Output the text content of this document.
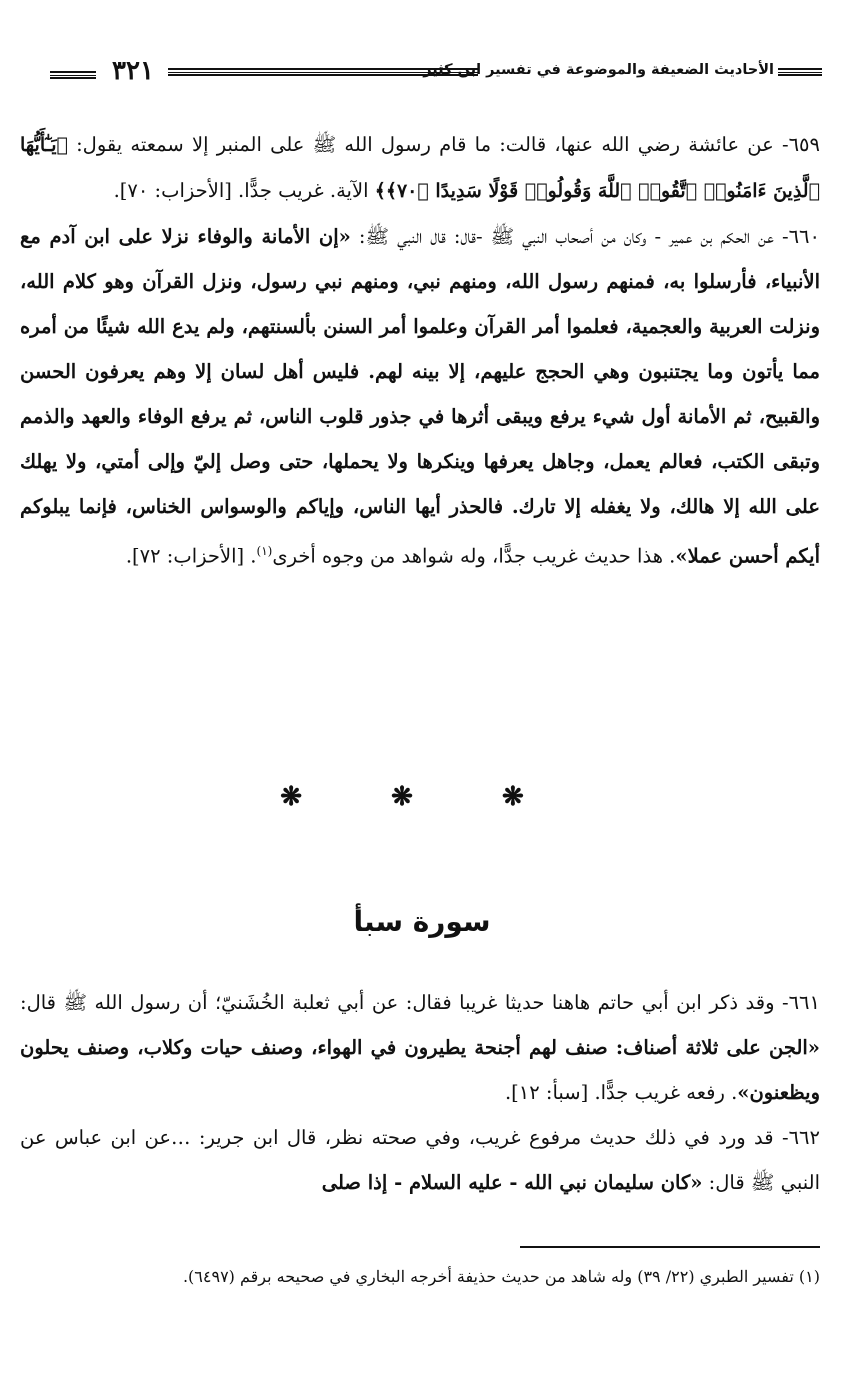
٣٢١	الأحاديث الضعيفة والموضوعة في تفسير ابن كثير

٦٥٩- عن عائشة رضي الله عنها، قالت: ما قام رسول الله ﷺ على المنبر إلا سمعته يقول: ﴿يَـٰٓأَيُّهَا ٱلَّذِينَ ءَامَنُوا۟ ٱتَّقُوا۟ ٱللَّهَ وَقُولُوا۟ قَوْلًا سَدِيدًا ﴿٧٠﴾﴾ الآية. غريب جدًّا. [الأحزاب: ٧٠].

٦٦٠- عن الحكم بن عمير - وكان من أصحاب النبي ﷺ -قال: قال النبي ﷺ: «إن الأمانة والوفاء نزلا على ابن آدم مع الأنبياء، فأرسلوا به، فمنهم رسول الله، ومنهم نبي، ومنهم نبي رسول، ونزل القرآن وهو كلام الله، ونزلت العربية والعجمية، فعلموا أمر القرآن وعلموا أمر السنن بألسنتهم، ولم يدع الله شيئًا من أمره مما يأتون وما يجتنبون وهي الحجج عليهم، إلا بينه لهم. فليس أهل لسان إلا وهم يعرفون الحسن والقبيح، ثم الأمانة أول شيء يرفع ويبقى أثرها في جذور قلوب الناس، ثم يرفع الوفاء والعهد والذمم وتبقى الكتب، فعالم يعمل، وجاهل يعرفها وينكرها ولا يحملها، حتى وصل إليّ وإلى أمتي، ولا يهلك على الله إلا هالك، ولا يغفله إلا تارك. فالحذر أيها الناس، وإياكم والوسواس الخناس، فإنما يبلوكم أيكم أحسن عملا». هذا حديث غريب جدًّا، وله شواهد من وجوه أخرى$^{(١)}$. [الأحزاب: ٧٢].

❋ ❋ ❋
سورة سبأ

٦٦١- وقد ذكر ابن أبي حاتم هاهنا حديثا غريبا فقال: عن أبي ثعلبة الخُشَنيّ؛ أن رسول الله ﷺ قال: «الجن على ثلاثة أصناف: صنف لهم أجنحة يطيرون في الهواء، وصنف حيات وكلاب، وصنف يحلون ويظعنون». رفعه غريب جدًّا. [سبأ: ١٢].

٦٦٢- قد ورد في ذلك حديث مرفوع غريب، وفي صحته نظر، قال ابن جرير: …عن ابن عباس عن النبي ﷺ قال: «كان سليمان نبي الله - عليه السلام - إذا صلى

(١) تفسير الطبري (٢٢/ ٣٩) وله شاهد من حديث حذيفة أخرجه البخاري في صحيحه برقم (٦٤٩٧).
